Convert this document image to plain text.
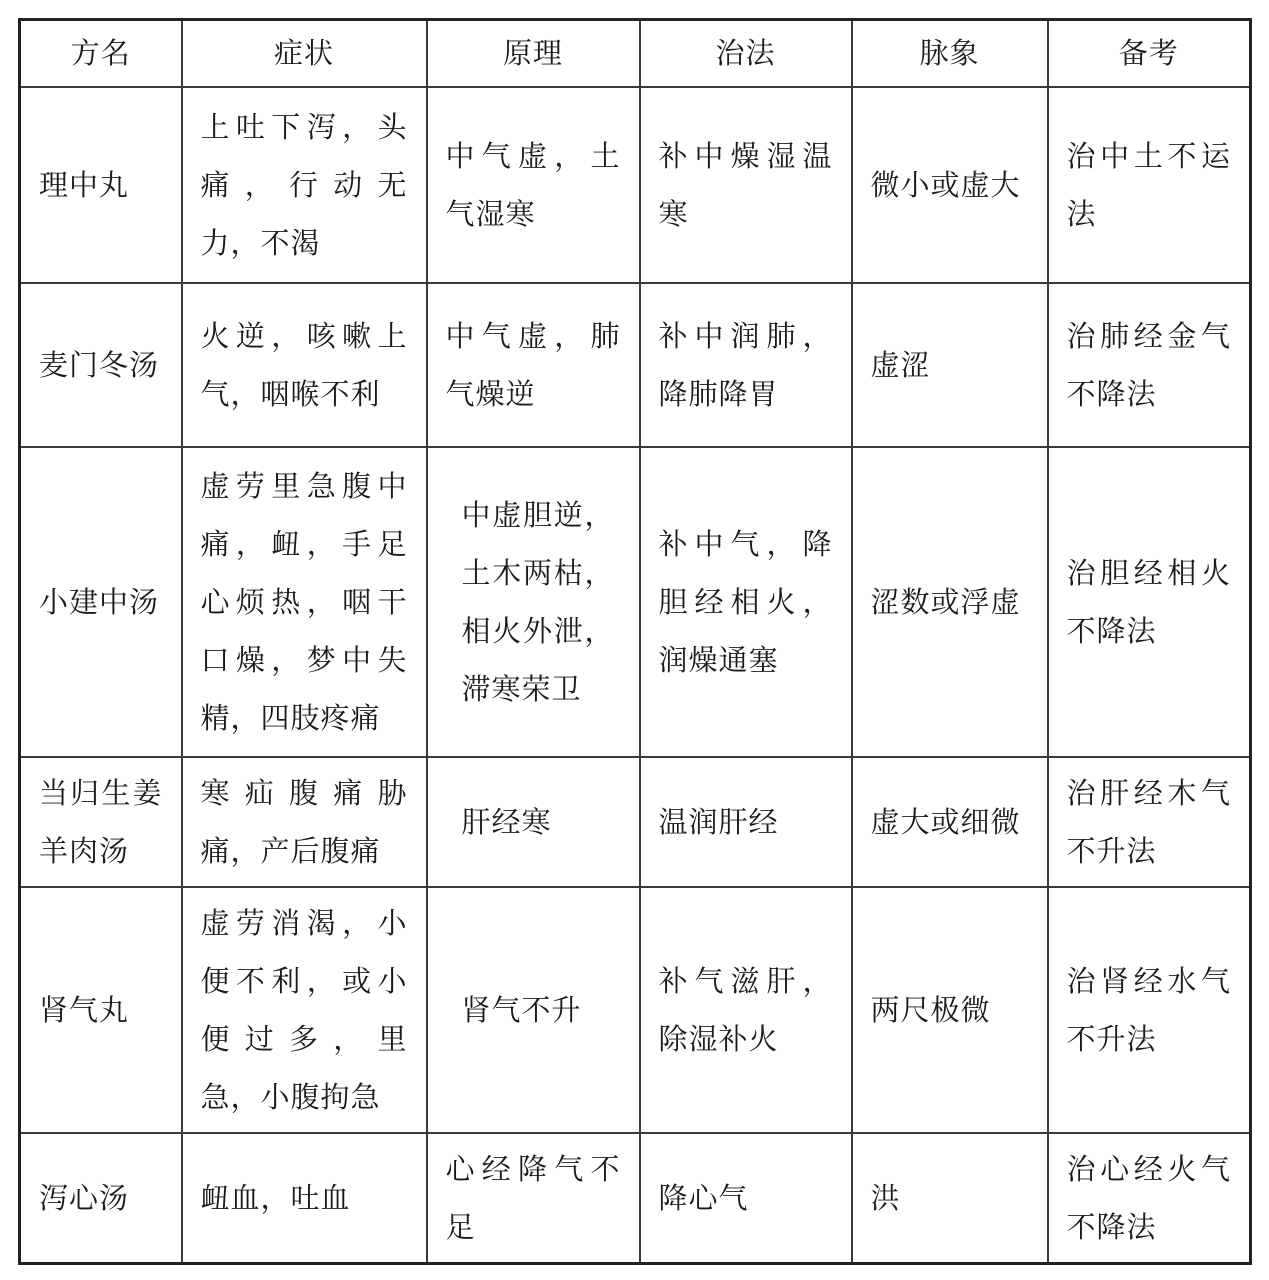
方名	症状	原理	治法	脉象	备考
理中丸	上吐下泻，头痛，行动无力，不渴	中气虚，土气湿寒	补中燥湿温寒	微小或虚大	治中土不运法
麦门冬汤	火逆，咳嗽上气，咽喉不利	中气虚，肺气燥逆	补中润肺，降肺降胃	虚涩	治肺经金气不降法
小建中汤	虚劳里急腹中痛，衄，手足心烦热，咽干口燥，梦中失精，四肢疼痛	中虚胆逆，土木两枯，相火外泄，滞寒荣卫	补中气，降胆经相火，润燥通塞	涩数或浮虚	治胆经相火不降法
当归生姜羊肉汤	寒疝腹痛胁痛，产后腹痛	肝经寒	温润肝经	虚大或细微	治肝经木气不升法
肾气丸	虚劳消渴，小便不利，或小便过多，里急，小腹拘急	肾气不升	补气滋肝，除湿补火	两尺极微	治肾经水气不升法
泻心汤	衄血，吐血	心经降气不足	降心气	洪	治心经火气不降法
